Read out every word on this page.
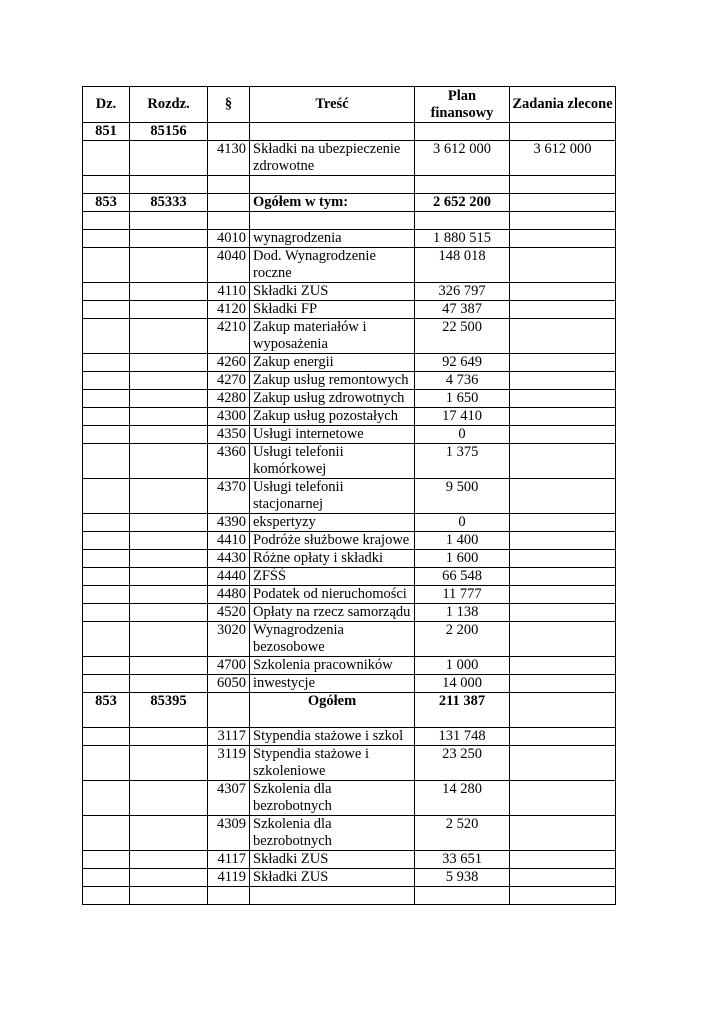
Dz.	Rozdz.	§	Treść	Plan finansowy	Zadania zlecone
851	85156				
		4130	Składki na ubezpieczenie zdrowotne	3 612 000	3 612 000

853	85333		Ogółem w tym:	2 652 200	

		4010	wynagrodzenia	1 880 515	
		4040	Dod. Wynagrodzenie roczne	148 018	
		4110	Składki ZUS	326 797	
		4120	Składki FP	47 387	
		4210	Zakup materiałów i wyposażenia	22 500	
		4260	Zakup energii	92 649	
		4270	Zakup usług remontowych	4 736	
		4280	Zakup usług zdrowotnych	1 650	
		4300	Zakup usług pozostałych	17 410	
		4350	Usługi internetowe	0	
		4360	Usługi telefonii komórkowej	1 375	
		4370	Usługi telefonii stacjonarnej	9 500	
		4390	ekspertyzy	0	
		4410	Podróże służbowe krajowe	1 400	
		4430	Różne opłaty i składki	1 600	
		4440	ZFŚŚ	66 548	
		4480	Podatek od nieruchomości	11 777	
		4520	Opłaty na rzecz samorządu	1 138	
		3020	Wynagrodzenia bezosobowe	2 200	
		4700	Szkolenia pracowników	1 000	
		6050	inwestycje	14 000	
853	85395		Ogółem	211 387	
		3117	Stypendia stażowe i szkol	131 748	
		3119	Stypendia stażowe i szkoleniowe	23 250	
		4307	Szkolenia dla bezrobotnych	14 280	
		4309	Szkolenia dla bezrobotnych	2 520	
		4117	Składki ZUS	33 651	
		4119	Składki ZUS	5 938	
